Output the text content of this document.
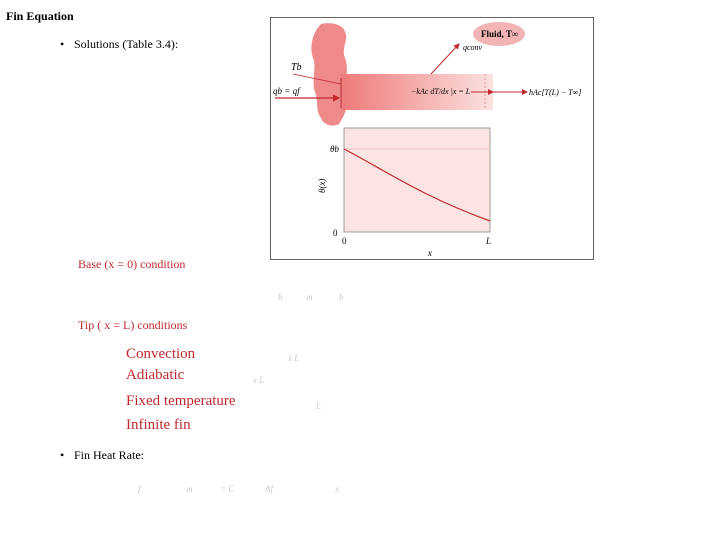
Fin Equation
• Solutions (Table 3.4):
Base (x = 0) condition
Tip ( x = L) conditions
Convection
Adiabatic
Fixed temperature
Infinite fin
• Fin Heat Rate:
b	m	b
x L
x L
L
f	m	= C	Af	x
Fluid, T∞
qconv
Tb
qb = qf	−kAc dT/dx |x = L	hAc[T(L) − T∞]
θb
θ(x)
0
0	L
x
